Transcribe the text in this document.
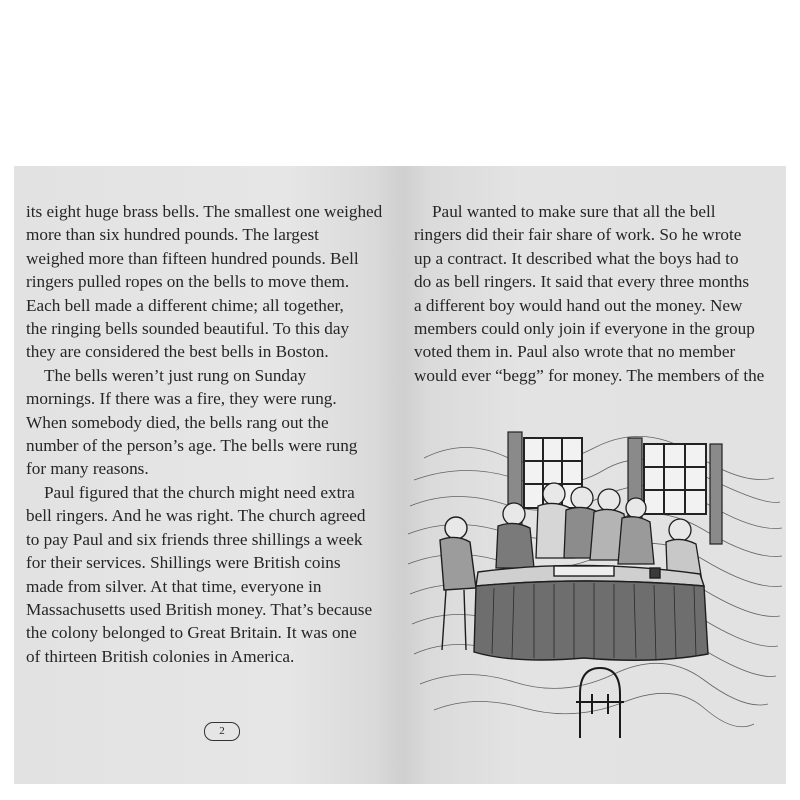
its eight huge brass bells. The smallest one weighed
more than six hundred pounds. The largest
weighed more than fifteen hundred pounds. Bell
ringers pulled ropes on the bells to move them.
Each bell made a different chime; all together,
the ringing bells sounded beautiful. To this day
they are considered the best bells in Boston.
The bells weren’t just rung on Sunday
mornings. If there was a fire, they were rung.
When somebody died, the bells rang out the
number of the person’s age. The bells were rung
for many reasons.
Paul figured that the church might need extra
bell ringers. And he was right. The church agreed
to pay Paul and six friends three shillings a week
for their services. Shillings were British coins
made from silver. At that time, everyone in
Massachusetts used British money. That’s because
the colony belonged to Great Britain. It was one
of thirteen British colonies in America.

2

Paul wanted to make sure that all the bell
ringers did their fair share of work. So he wrote
up a contract. It described what the boys had to
do as bell ringers. It said that every three months
a different boy would hand out the money. New
members could only join if everyone in the group
voted them in. Paul also wrote that no member
would ever “begg” for money. The members of the
